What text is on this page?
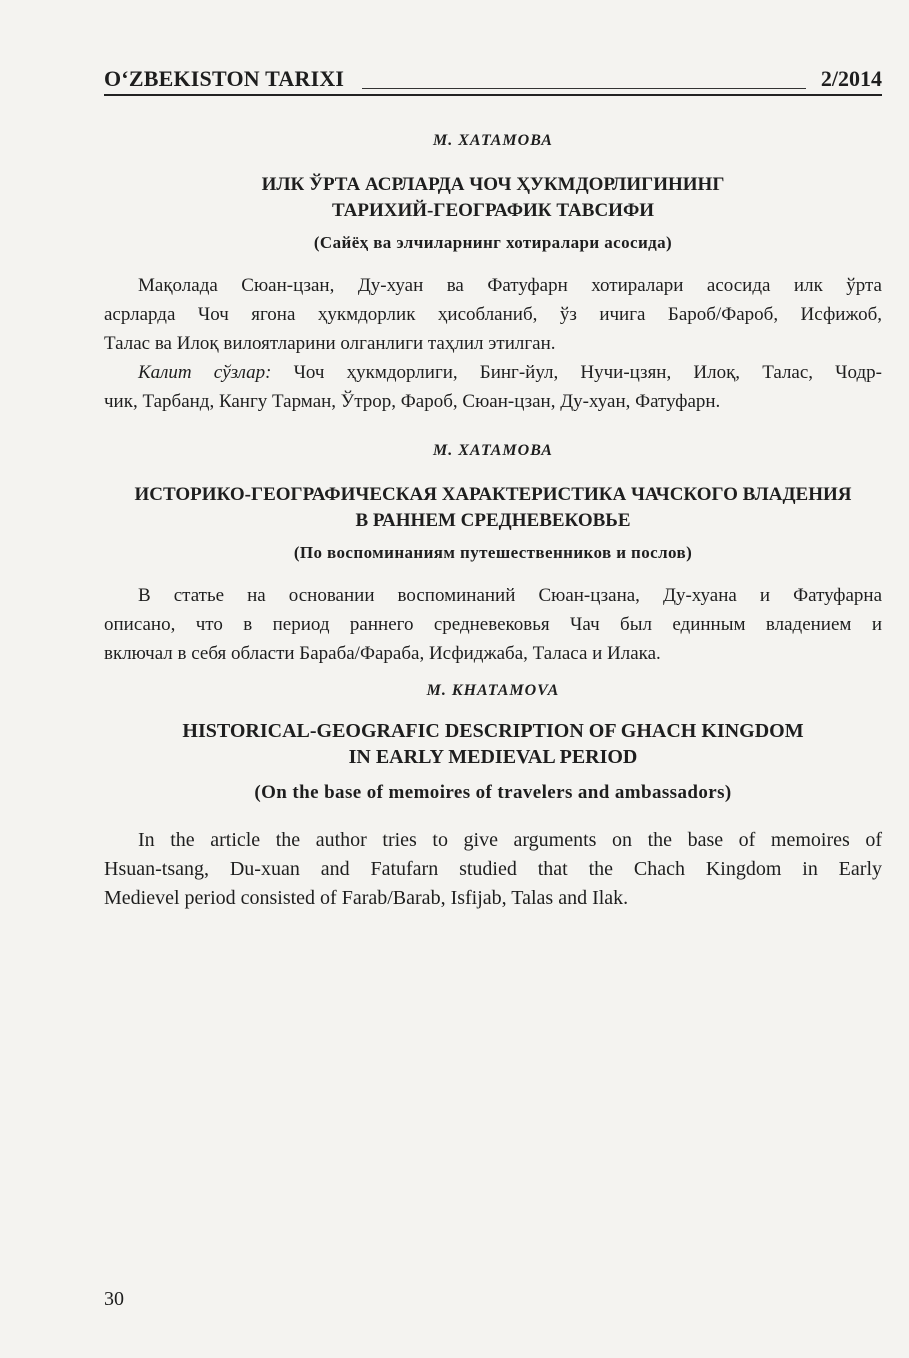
O‘ZBEKISTON TARIXI	2/2014

М. ХАТАМОВА

ИЛК ЎРТА АСРЛАРДА ЧОЧ ҲУКМДОРЛИГИНИНГ
ТАРИХИЙ-ГЕОГРАФИК ТАВСИФИ

(Сайёҳ ва элчиларнинг хотиралари асосида)

Мақолада Сюан-цзан, Ду-хуан ва Фатуфарн хотиралари асосида илк ўрта
асрларда Чоч ягона ҳукмдорлик ҳисобланиб, ўз ичига Бароб/Фароб, Исфижоб,
Талас ва Илоқ вилоятларини олганлиги таҳлил этилган.
Калит сўзлар: Чоч ҳукмдорлиги, Бинг-йул, Нучи-цзян, Илоқ, Талас, Чодр-
чик, Тарбанд, Кангу Тарман, Ўтрор, Фароб, Сюан-цзан, Ду-хуан, Фатуфарн.

М. ХАТАМОВА

ИСТОРИКО-ГЕОГРАФИЧЕСКАЯ ХАРАКТЕРИСТИКА ЧАЧСКОГО ВЛАДЕНИЯ
В РАННЕМ СРЕДНЕВЕКОВЬЕ

(По воспоминаниям путешественников и послов)

В статье на основании воспоминаний Сюан-цзана, Ду-хуана и Фатуфарна
описано, что в период раннего средневековья Чач был единным владением и
включал в себя области Бараба/Фараба, Исфиджаба, Таласа и Илака.

M. KHATAMOVA

HISTORICAL-GEOGRAFIC DESCRIPTION OF GHACH KINGDOM
IN EARLY MEDIEVAL PERIOD

(On the base of memoires of travelers and ambassadors)

In the article the author tries to give arguments on the base of memoires of
Hsuan-tsang, Du-xuan and Fatufarn studied that the Chach Kingdom in Early
Medievel period consisted of Farab/Barab, Isfijab, Talas and Ilak.
30
